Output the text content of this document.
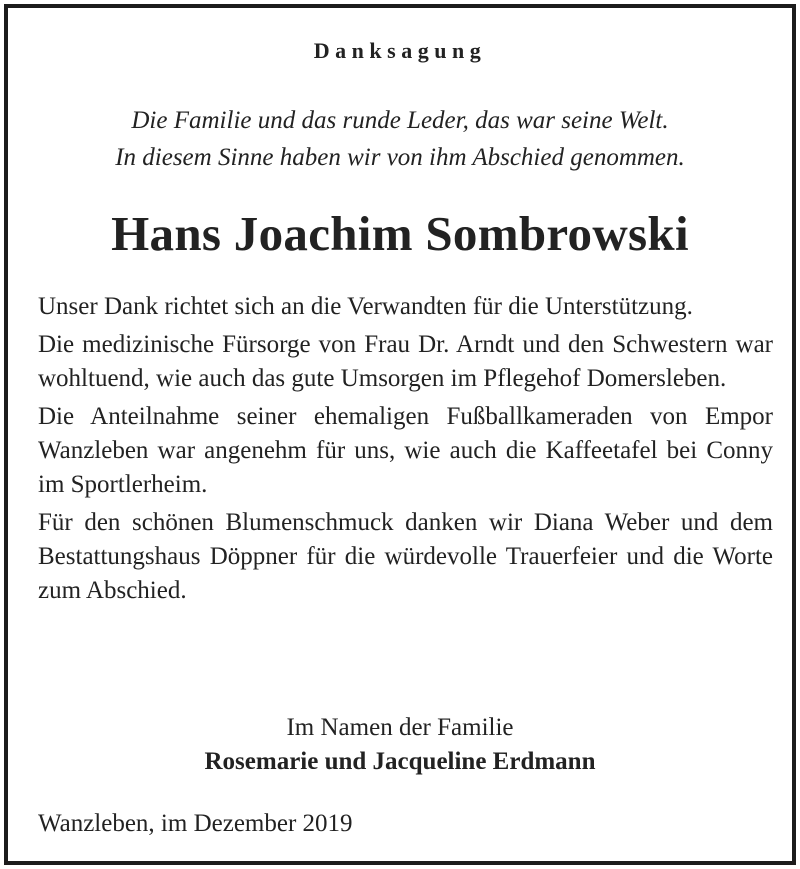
Danksagung
Die Familie und das runde Leder, das war seine Welt.
In diesem Sinne haben wir von ihm Abschied genommen.
Hans Joachim Sombrowski

Unser Dank richtet sich an die Verwandten für die Unterstützung.

Die medizinische Fürsorge von Frau Dr. Arndt und den Schwestern war wohltuend, wie auch das gute Umsorgen im Pflegehof Domersleben.

Die Anteilnahme seiner ehemaligen Fußballkameraden von Empor Wanzleben war angenehm für uns, wie auch die Kaffeetafel bei Conny im Sportlerheim.

Für den schönen Blumenschmuck danken wir Diana Weber und dem Bestattungshaus Döppner für die würdevolle Trauerfeier und die Worte zum Abschied.

Im Namen der Familie
Rosemarie und Jacqueline Erdmann
Wanzleben, im Dezember 2019
